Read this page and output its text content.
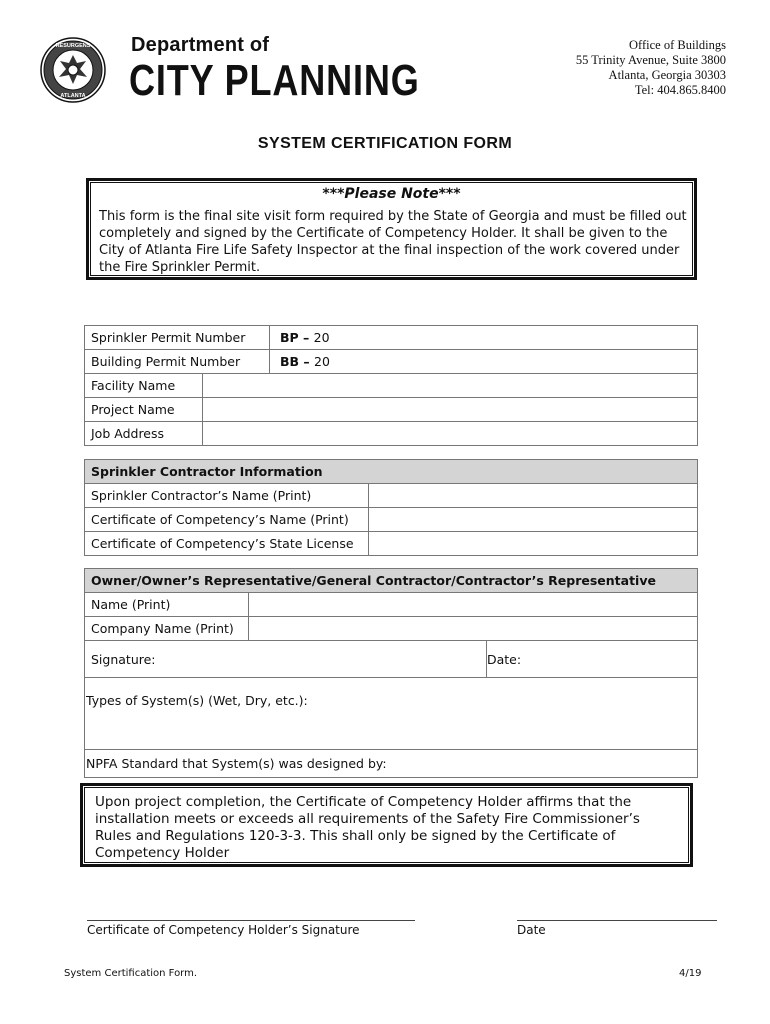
RESURGENS
ATLANTA
Department of
CITY PLANNING
Office of Buildings
55 Trinity Avenue, Suite 3800
Atlanta, Georgia 30303
Tel: 404.865.8400
SYSTEM CERTIFICATION FORM
***Please Note***
This form is the final site visit form required by the State of Georgia and must be filled out completely and signed by the Certificate of Competency Holder. It shall be given to the City of Atlanta Fire Life Safety Inspector at the final inspection of the work covered under the Fire Sprinkler Permit.
Sprinkler Permit Number		BP – 20
Building Permit Number		BB – 20
Facility Name		
Project Name		
Job Address		
Sprinkler Contractor Information	
Sprinkler Contractor’s Name (Print)	
Certificate of Competency’s Name (Print)	
Certificate of Competency’s State License	
Owner/Owner’s Representative/General Contractor/Contractor’s Representative		
Name (Print)		
Company Name (Print)		
Signature:		Date:
Types of System(s) (Wet, Dry, etc.):		
NPFA Standard that System(s) was designed by:		
Upon project completion, the Certificate of Competency Holder affirms that the installation meets or exceeds all requirements of the Safety Fire Commissioner’s Rules and Regulations 120-3-3. This shall only be signed by the Certificate of Competency Holder
Certificate of Competency Holder’s Signature	Date
System Certification Form.	4/19
